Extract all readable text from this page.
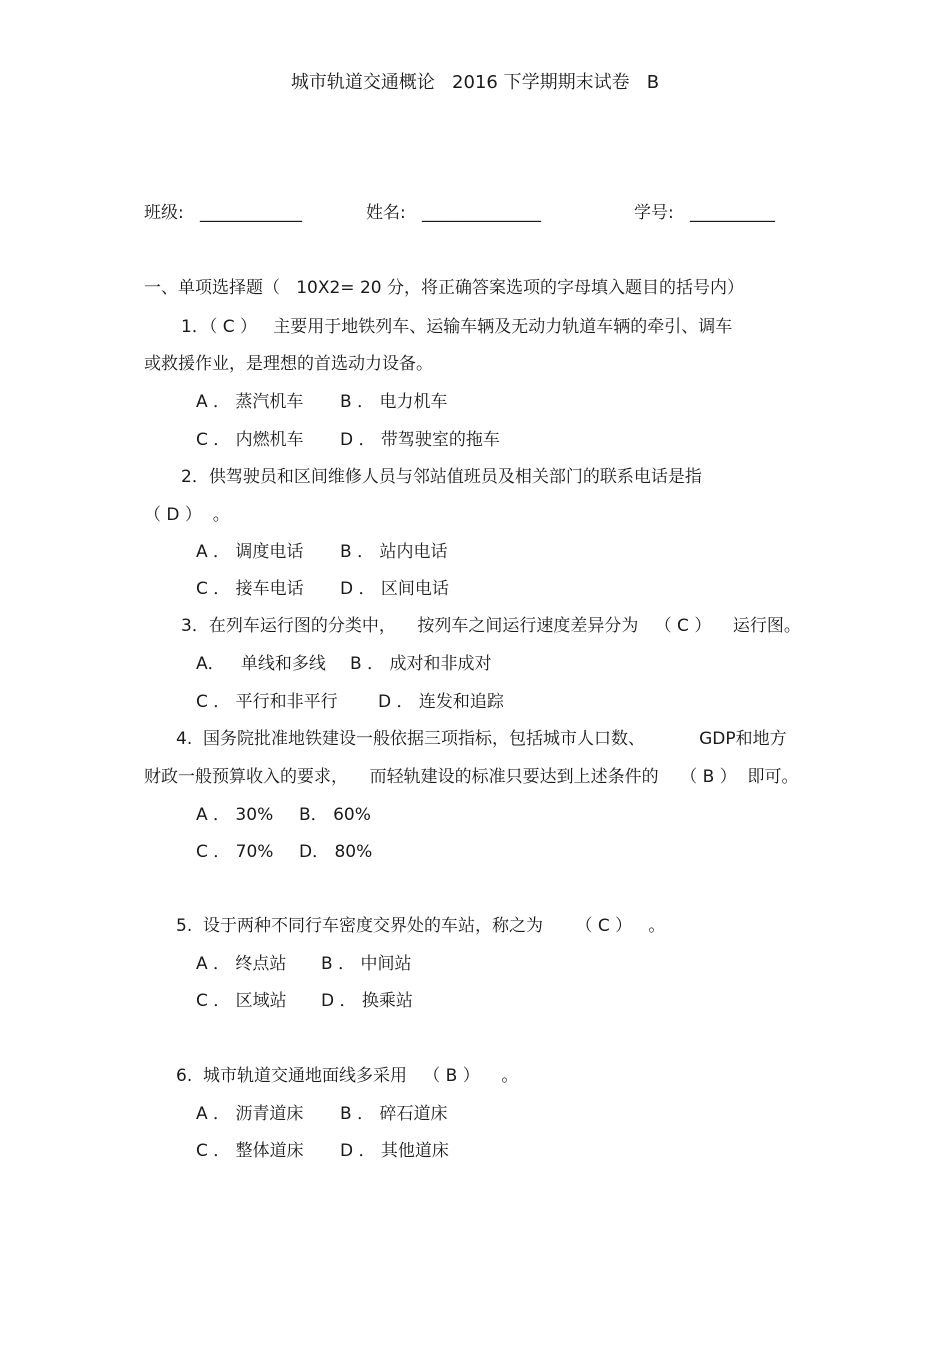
城市轨道交通概论   2016 下学期期末试卷   B
班级:   ____________	姓名:   ______________	学号:   __________
一、单项选择题（   10X2= 20 分，将正确答案选项的字母填入题目的括号内）
1．（ C ）   主要用于地铁列车、运输车辆及无动力轨道车辆的牵引、调车
或救援作业，是理想的首选动力设备。
A ． 蒸汽机车 B ． 电力机车
C ． 内燃机车 D ． 带驾驶室的拖车
2．供驾驶员和区间维修人员与邻站值班员及相关部门的联系电话是指
（ D ）  。
A ． 调度电话 B ． 站内电话
C ． 接车电话 D ． 区间电话
3．在列车运行图的分类中，    按列车之间运行速度差异分为   （ C ）    运行图。
A．   单线和多线 B ． 成对和非成对
C ． 平行和非平行 D ． 连发和追踪
4.  国务院批准地铁建设一般依据三项指标，包括城市人口数、          GDP和地方
财政一般预算收入的要求，    而轻轨建设的标准只要达到上述条件的    （ B ）  即可。
A ． 30% B． 60%
C ． 70% D． 80%
5.  设于两种不同行车密度交界处的车站，称之为      （ C ）   。
A ． 终点站 B ． 中间站
C ． 区域站 D ． 换乘站
6.  城市轨道交通地面线多采用   （ B ）    。
A ． 沥青道床 B ． 碎石道床
C ． 整体道床 D ． 其他道床
